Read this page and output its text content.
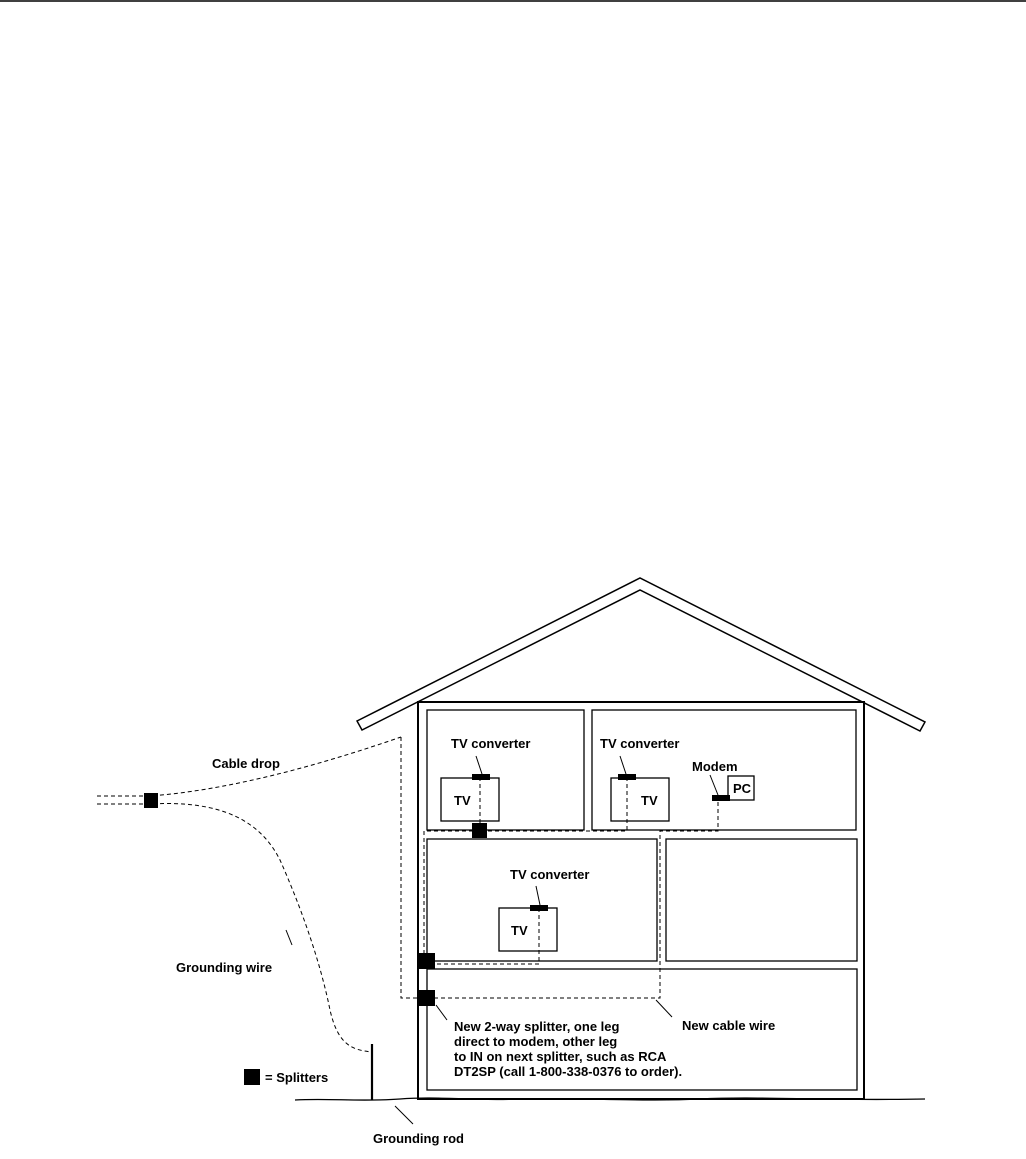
Cable drop
Grounding wire
= Splitters
Grounding rod
New cable wire
TV converter	TV converter
TV converter
TV	TV
TV
Modem
PC
New 2-way splitter, one leg
direct to modem, other leg
to IN on next splitter, such as RCA
DT2SP (call 1-800-338-0376 to order).
